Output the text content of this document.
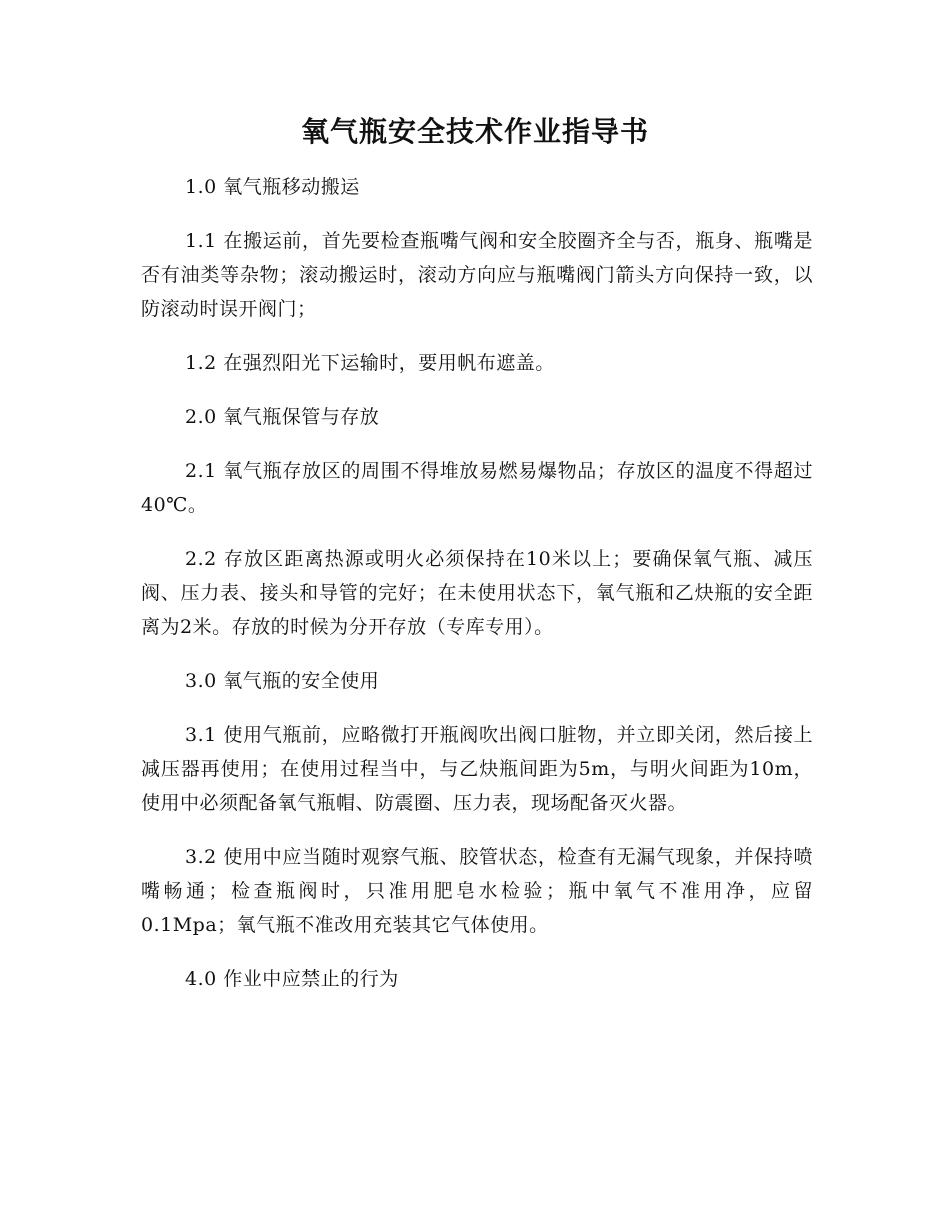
氧气瓶安全技术作业指导书

1.0 氧气瓶移动搬运

1.1 在搬运前，首先要检查瓶嘴气阀和安全胶圈齐全与否，瓶身、瓶嘴是否有油类等杂物；滚动搬运时，滚动方向应与瓶嘴阀门箭头方向保持一致，以防滚动时误开阀门；

1.2 在强烈阳光下运输时，要用帆布遮盖。

2.0 氧气瓶保管与存放

2.1 氧气瓶存放区的周围不得堆放易燃易爆物品；存放区的温度不得超过40℃。

2.2 存放区距离热源或明火必须保持在10米以上；要确保氧气瓶、减压阀、压力表、接头和导管的完好；在未使用状态下，氧气瓶和乙炔瓶的安全距离为2米。存放的时候为分开存放（专库专用）。

3.0 氧气瓶的安全使用

3.1 使用气瓶前，应略微打开瓶阀吹出阀口脏物，并立即关闭，然后接上减压器再使用；在使用过程当中，与乙炔瓶间距为5m，与明火间距为10m，使用中必须配备氧气瓶帽、防震圈、压力表，现场配备灭火器。

3.2 使用中应当随时观察气瓶、胶管状态，检查有无漏气现象，并保持喷嘴畅通；检查瓶阀时，只准用肥皂水检验；瓶中氧气不准用净，应留0.1Mpa；氧气瓶不准改用充装其它气体使用。

4.0 作业中应禁止的行为
